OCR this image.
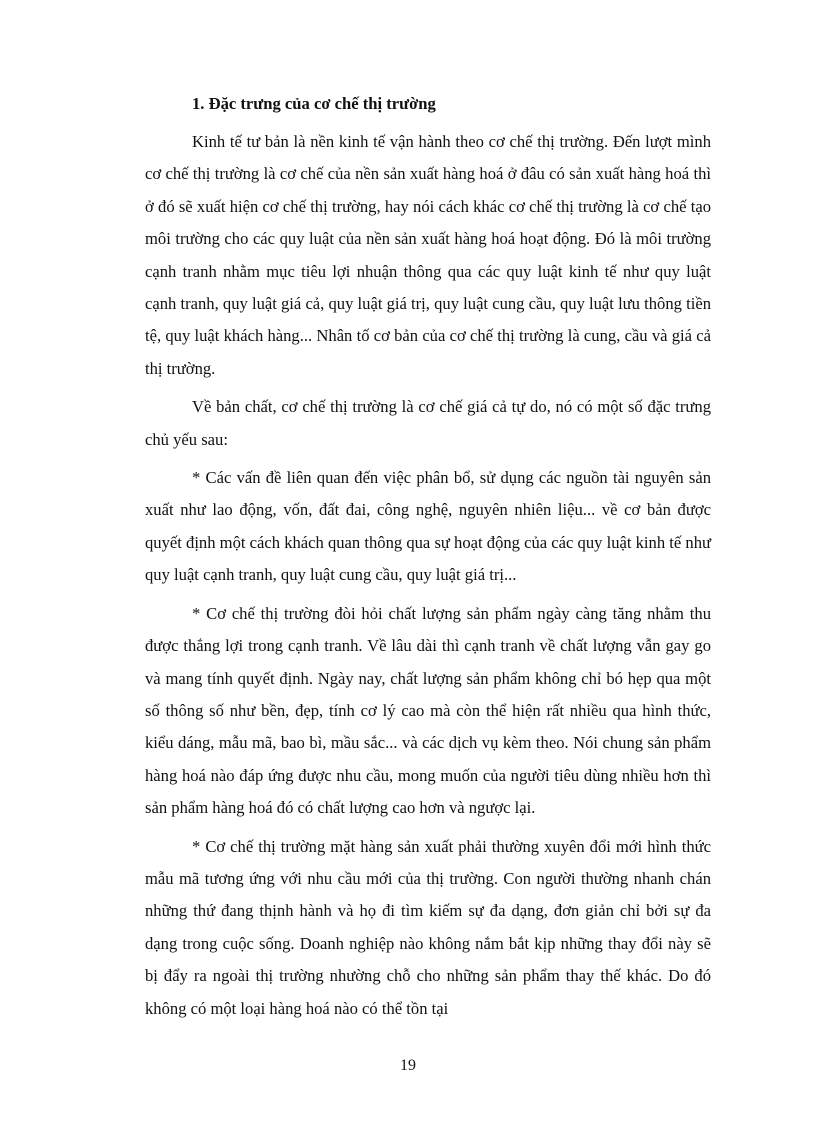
1. Đặc trưng của cơ chế thị trường

Kinh tế tư bản là nền kinh tế vận hành theo cơ chế thị trường. Đến lượt mình cơ chế thị trường là cơ chế của nền sản xuất hàng hoá ở đâu có sản xuất hàng hoá thì ở đó sẽ xuất hiện cơ chế thị trường, hay nói cách khác cơ chế thị trường là cơ chế tạo môi trường cho các quy luật của nền sản xuất hàng hoá hoạt động. Đó là môi trường cạnh tranh nhằm mục tiêu lợi nhuận thông qua các quy luật kinh tế như quy luật cạnh tranh, quy luật giá cả, quy luật giá trị, quy luật cung cầu, quy luật lưu thông tiền tệ, quy luật khách hàng... Nhân tố cơ bản của cơ chế thị trường là cung, cầu và giá cả thị trường.

Về bản chất, cơ chế thị trường là cơ chế giá cả tự do, nó có một số đặc trưng chủ yếu sau:

* Các vấn đề liên quan đến việc phân bổ, sử dụng các nguồn tài nguyên sản xuất như lao động, vốn, đất đai, công nghệ, nguyên nhiên liệu... về cơ bản được quyết định một cách khách quan thông qua sự hoạt động của các quy luật kinh tế như quy luật cạnh tranh, quy luật cung cầu, quy luật giá trị...

* Cơ chế thị trường đòi hỏi chất lượng sản phẩm ngày càng tăng nhằm thu được thắng lợi trong cạnh tranh. Về lâu dài thì cạnh tranh về chất lượng vẫn gay go và mang tính quyết định. Ngày nay, chất lượng sản phẩm không chỉ bó hẹp qua một số thông số như bền, đẹp, tính cơ lý cao mà còn thể hiện rất nhiều qua hình thức, kiểu dáng, mẫu mã, bao bì, mầu sắc... và các dịch vụ kèm theo. Nói chung sản phẩm hàng hoá nào đáp ứng được nhu cầu, mong muốn của người tiêu dùng nhiều hơn thì sản phẩm hàng hoá đó có chất lượng cao hơn và ngược lại.

* Cơ chế thị trường mặt hàng sản xuất phải thường xuyên đổi mới hình thức mẫu mã tương ứng với nhu cầu mới của thị trường. Con người thường nhanh chán những thứ đang thịnh hành và họ đi tìm kiếm sự đa dạng, đơn giản chỉ bởi sự đa dạng trong cuộc sống. Doanh nghiệp nào không nắm bắt kịp những thay đổi này sẽ bị đẩy ra ngoài thị trường nhường chỗ cho những sản phẩm thay thế khác. Do đó không có một loại hàng hoá nào có thể tồn tại

19
